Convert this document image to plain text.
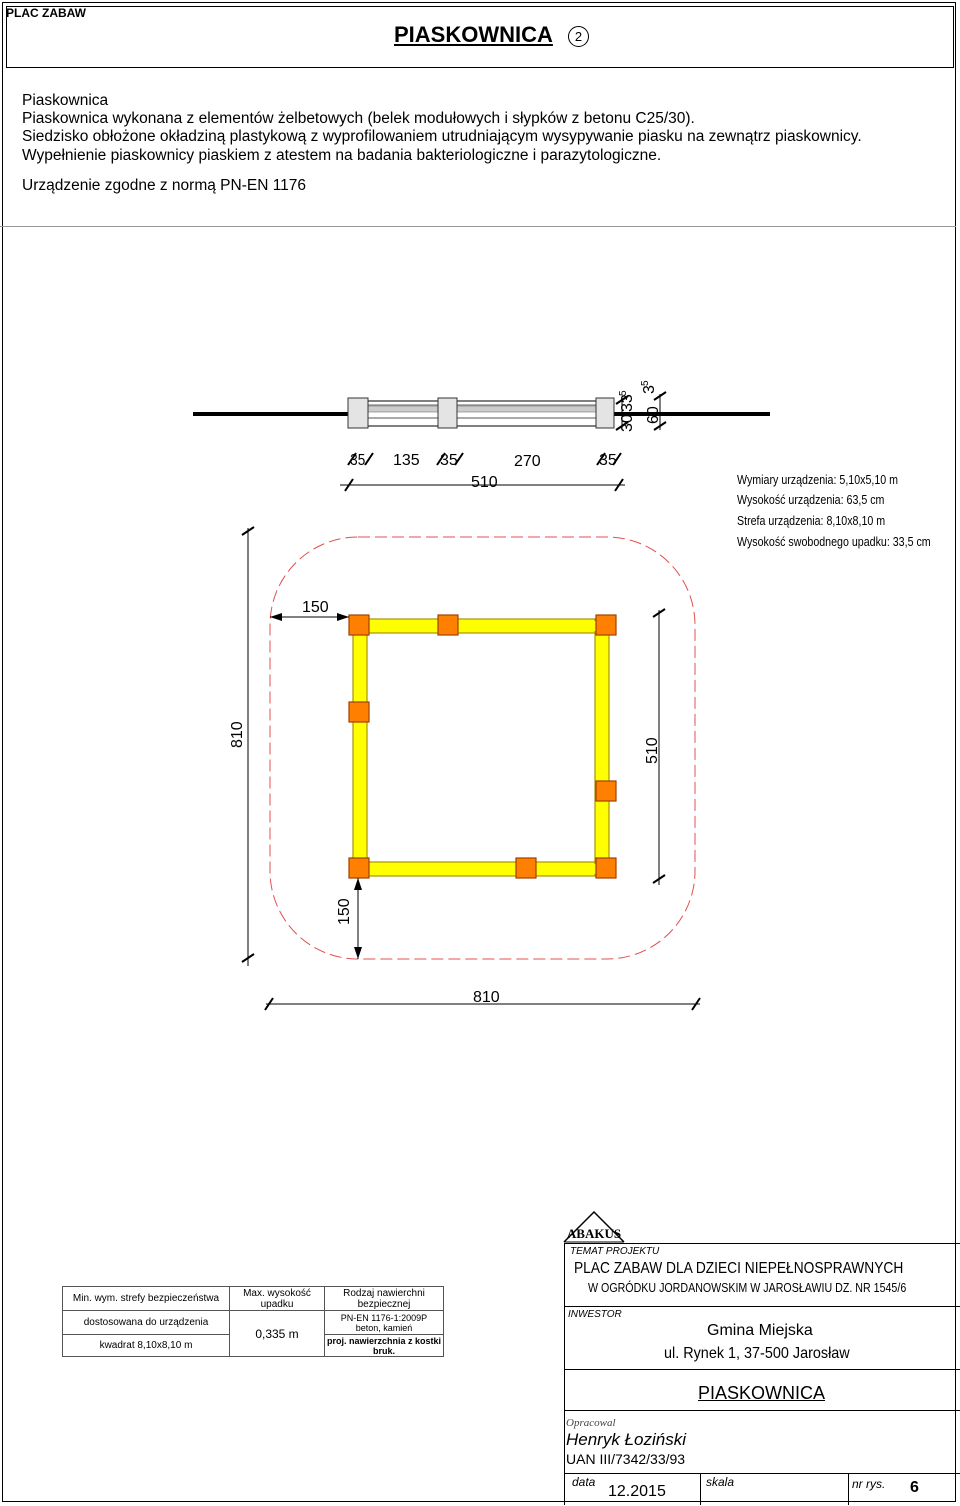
PLAC ZABAW
PIASKOWNICA	2
Piaskownica
Piaskownica wykonana z elementów żelbetowych (belek modułowych i słypków z betonu C25/30).
Siedzisko obłożone okładziną plastykową z wyprofilowaniem utrudniającym wysypywanie piasku na zewnątrz piaskownicy.
Wypełnienie piaskownicy piaskiem z atestem na badania bakteriologiczne i parazytologiczne.
Urządzenie zgodne z normą PN-EN 1176
35 135 35	270	35
510
30
33
5
60
3
5
810
510
810
150
150
Wymiary urządzenia: 5,10x5,10 m
Wysokość urządzenia: 63,5 cm
Strefa urządzenia: 8,10x8,10 m
Wysokość swobodnego upadku: 33,5 cm
Min. wym. strefy bezpieczeństwa	Max. wysokość upadku	Rodzaj nawierchni bezpiecznej
dostosowana do urządzenia	0,335 m	PN-EN 1176-1:2009P
beton, kamień

kwadrat 8,10x8,10 m		proj. nawierzchnia z kostki bruk.
ABAKUS
TEMAT PROJEKTU
PLAC ZABAW DLA DZIECI NIEPEŁNOSPRAWNYCH
W OGRÓDKU JORDANOWSKIM W JAROSŁAWIU DZ. NR 1545/6
INWESTOR
Gmina Miejska
ul. Rynek 1, 37-500 Jarosław
PIASKOWNICA
Opracowal
Henryk Łoziński
UAN III/7342/33/93
data
12.2015
skala	nr rys. 6
